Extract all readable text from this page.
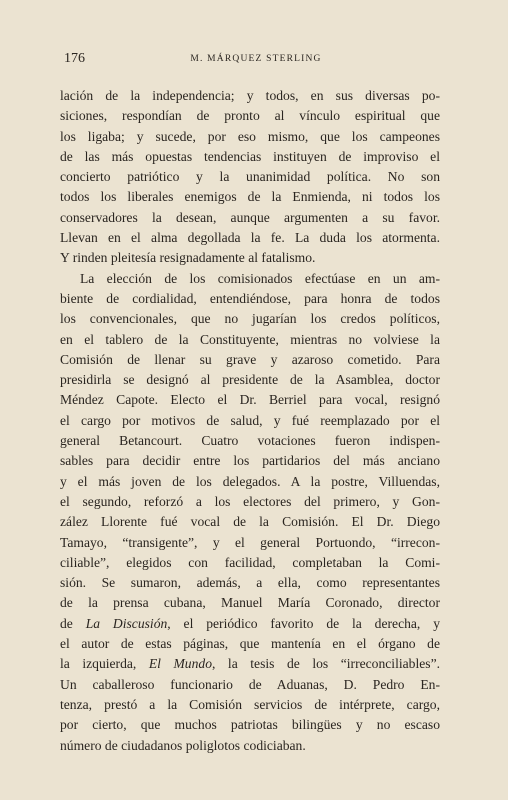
176	M. MÁRQUEZ STERLING
lación de la independencia; y todos, en sus diversas po-
siciones, respondían de pronto al vínculo espiritual que
los ligaba; y sucede, por eso mismo, que los campeones
de las más opuestas tendencias instituyen de improviso el
concierto patriótico y la unanimidad política. No son
todos los liberales enemigos de la Enmienda, ni todos los
conservadores la desean, aunque argumenten a su favor.
Llevan en el alma degollada la fe. La duda los atormenta.
Y rinden pleitesía resignadamente al fatalismo.
La elección de los comisionados efectúase en un am-
biente de cordialidad, entendiéndose, para honra de todos
los convencionales, que no jugarían los credos políticos,
en el tablero de la Constituyente, mientras no volviese la
Comisión de llenar su grave y azaroso cometido. Para
presidirla se designó al presidente de la Asamblea, doctor
Méndez Capote. Electo el Dr. Berriel para vocal, resignó
el cargo por motivos de salud, y fué reemplazado por el
general Betancourt. Cuatro votaciones fueron indispen-
sables para decidir entre los partidarios del más anciano
y el más joven de los delegados. A la postre, Villuendas,
el segundo, reforzó a los electores del primero, y Gon-
zález Llorente fué vocal de la Comisión. El Dr. Diego
Tamayo, “transigente”, y el general Portuondo, “irrecon-
ciliable”, elegidos con facilidad, completaban la Comi-
sión. Se sumaron, además, a ella, como representantes
de la prensa cubana, Manuel María Coronado, director
de La Discusión, el periódico favorito de la derecha, y
el autor de estas páginas, que mantenía en el órgano de
la izquierda, El Mundo, la tesis de los “irreconciliables”.
Un caballeroso funcionario de Aduanas, D. Pedro En-
tenza, prestó a la Comisión servicios de intérprete, cargo,
por cierto, que muchos patriotas bilingües y no escaso
número de ciudadanos poliglotos codiciaban.
